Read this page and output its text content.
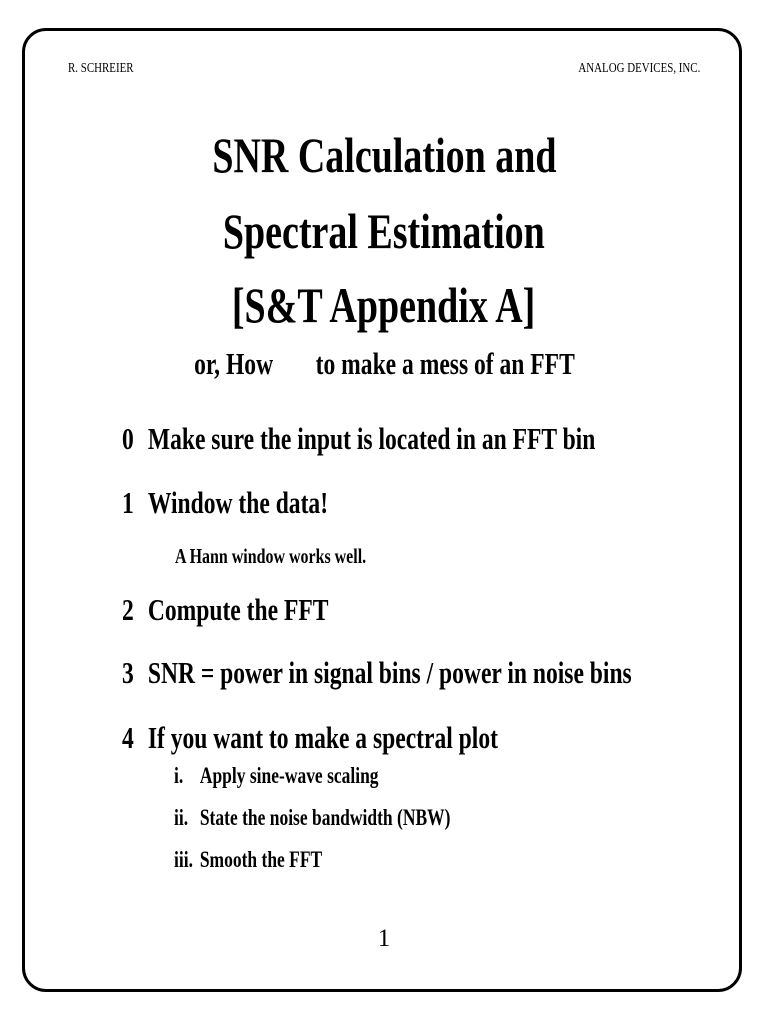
R. SCHREIER	ANALOG DEVICES, INC.
SNR Calculation and
Spectral Estimation
[S&T Appendix A]
or, How to make a mess of an FFT
0 Make sure the input is located in an FFT bin
1 Window the data!
A Hann window works well.
2 Compute the FFT
3 SNR = power in signal bins / power in noise bins
4 If you want to make a spectral plot
i. Apply sine-wave scaling
ii. State the noise bandwidth (NBW)
iii. Smooth the FFT
1
